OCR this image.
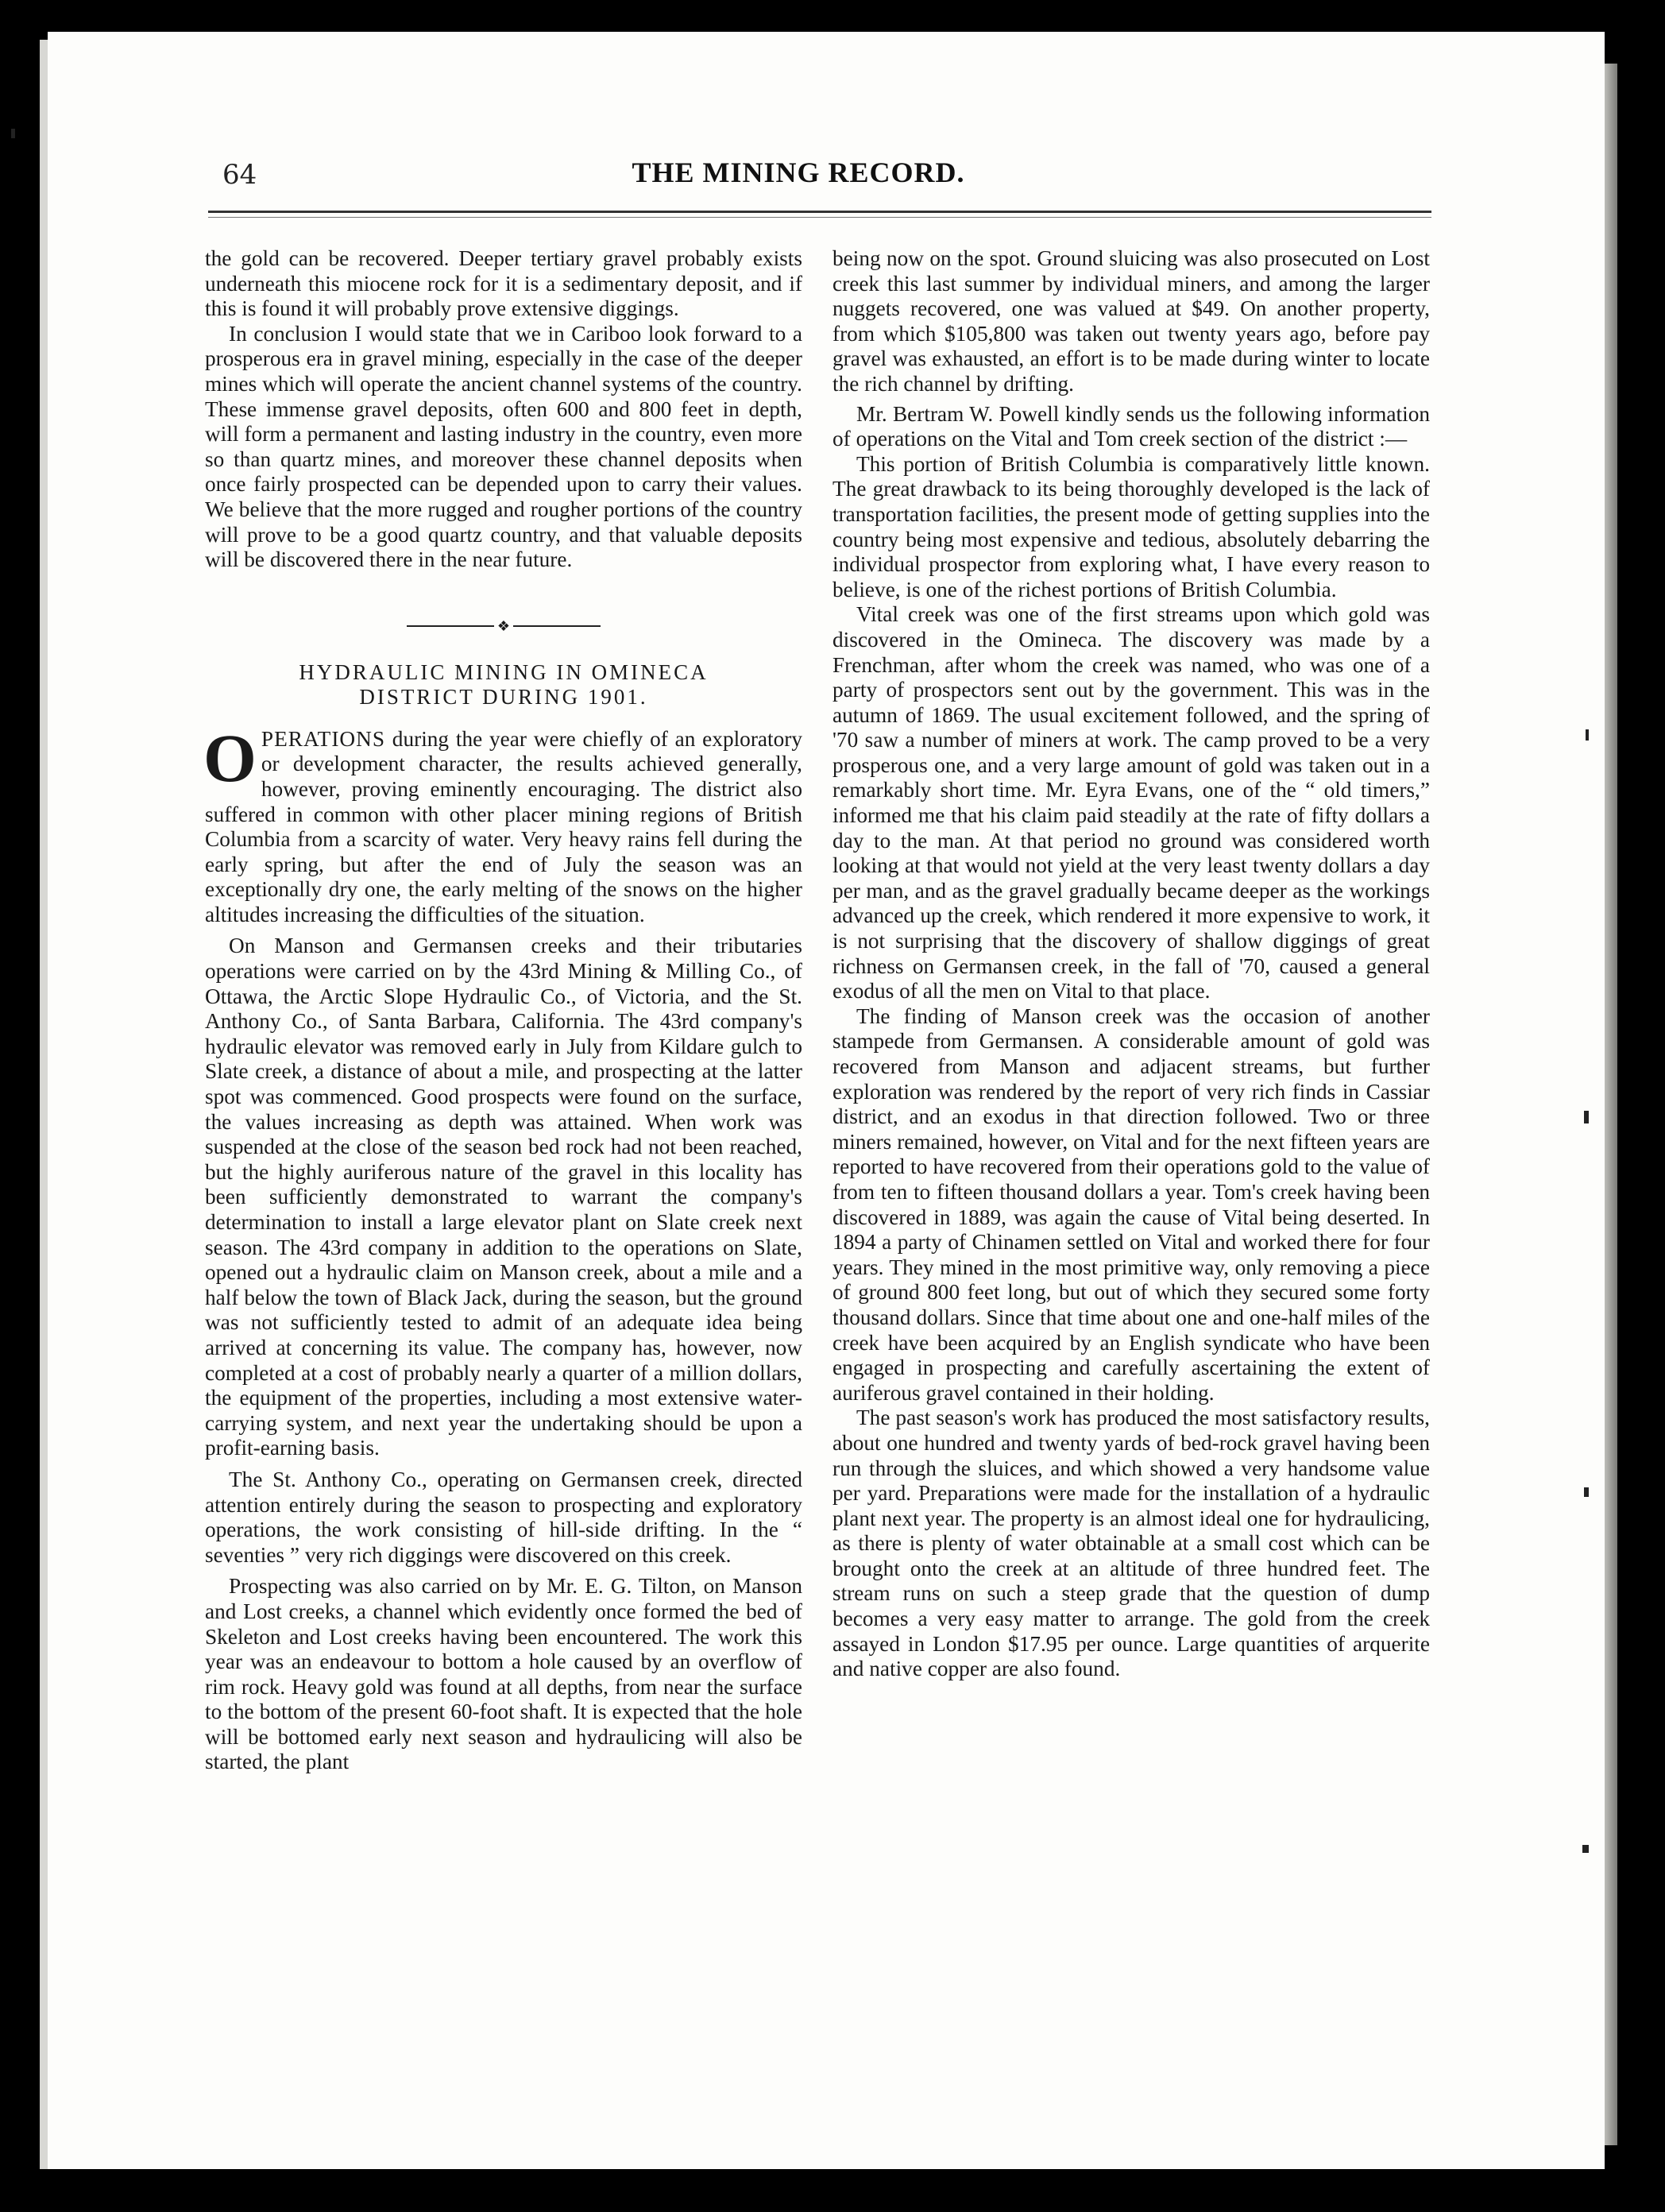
64	THE MINING RECORD.

the gold can be recovered. Deeper tertiary gravel probably exists underneath this miocene rock for it is a sedimentary deposit, and if this is found it will probably prove extensive diggings.

In conclusion I would state that we in Cariboo look forward to a prosperous era in gravel mining, especially in the case of the deeper mines which will operate the ancient channel systems of the country. These immense gravel deposits, often 600 and 800 feet in depth, will form a permanent and lasting industry in the country, even more so than quartz mines, and moreover these channel deposits when once fairly prospected can be depended upon to carry their values. We believe that the more rugged and rougher portions of the country will prove to be a good quartz country, and that valuable deposits will be discovered there in the near future.

❖
HYDRAULIC MINING IN OMINECA
DISTRICT DURING 1901.

OPERATIONS during the year were chiefly of an exploratory or development character, the results achieved generally, however, proving eminently encouraging. The district also suffered in common with other placer mining regions of British Columbia from a scarcity of water. Very heavy rains fell during the early spring, but after the end of July the season was an exceptionally dry one, the early melting of the snows on the higher altitudes increasing the difficulties of the situation.

On Manson and Germansen creeks and their tributaries operations were carried on by the 43rd Mining & Milling Co., of Ottawa, the Arctic Slope Hydraulic Co., of Victoria, and the St. Anthony Co., of Santa Barbara, California. The 43rd company's hydraulic elevator was removed early in July from Kildare gulch to Slate creek, a distance of about a mile, and prospecting at the latter spot was commenced. Good prospects were found on the surface, the values increasing as depth was attained. When work was suspended at the close of the season bed rock had not been reached, but the highly auriferous nature of the gravel in this locality has been sufficiently demonstrated to warrant the company's determination to install a large elevator plant on Slate creek next season. The 43rd company in addition to the operations on Slate, opened out a hydraulic claim on Manson creek, about a mile and a half below the town of Black Jack, during the season, but the ground was not sufficiently tested to admit of an adequate idea being arrived at concerning its value. The company has, however, now completed at a cost of probably nearly a quarter of a million dollars, the equipment of the properties, including a most extensive water-carrying system, and next year the undertaking should be upon a profit-earning basis.

The St. Anthony Co., operating on Germansen creek, directed attention entirely during the season to prospecting and exploratory operations, the work consisting of hill-side drifting. In the “ seventies ” very rich diggings were discovered on this creek.

Prospecting was also carried on by Mr. E. G. Tilton, on Manson and Lost creeks, a channel which evidently once formed the bed of Skeleton and Lost creeks having been encountered. The work this year was an endeavour to bottom a hole caused by an overflow of rim rock. Heavy gold was found at all depths, from near the surface to the bottom of the present 60-foot shaft. It is expected that the hole will be bottomed early next season and hydraulicing will also be started, the plant

being now on the spot. Ground sluicing was also prosecuted on Lost creek this last summer by individual miners, and among the larger nuggets recovered, one was valued at $49. On another property, from which $105,800 was taken out twenty years ago, before pay gravel was exhausted, an effort is to be made during winter to locate the rich channel by drifting.

Mr. Bertram W. Powell kindly sends us the following information of operations on the Vital and Tom creek section of the district :—

This portion of British Columbia is comparatively little known. The great drawback to its being thoroughly developed is the lack of transportation facilities, the present mode of getting supplies into the country being most expensive and tedious, absolutely debarring the individual prospector from exploring what, I have every reason to believe, is one of the richest portions of British Columbia.

Vital creek was one of the first streams upon which gold was discovered in the Omineca. The discovery was made by a Frenchman, after whom the creek was named, who was one of a party of prospectors sent out by the government. This was in the autumn of 1869. The usual excitement followed, and the spring of '70 saw a number of miners at work. The camp proved to be a very prosperous one, and a very large amount of gold was taken out in a remarkably short time. Mr. Eyra Evans, one of the “ old timers,” informed me that his claim paid steadily at the rate of fifty dollars a day to the man. At that period no ground was considered worth looking at that would not yield at the very least twenty dollars a day per man, and as the gravel gradually became deeper as the workings advanced up the creek, which rendered it more expensive to work, it is not surprising that the discovery of shallow diggings of great richness on Germansen creek, in the fall of '70, caused a general exodus of all the men on Vital to that place.

The finding of Manson creek was the occasion of another stampede from Germansen. A considerable amount of gold was recovered from Manson and adjacent streams, but further exploration was rendered by the report of very rich finds in Cassiar district, and an exodus in that direction followed. Two or three miners remained, however, on Vital and for the next fifteen years are reported to have recovered from their operations gold to the value of from ten to fifteen thousand dollars a year. Tom's creek having been discovered in 1889, was again the cause of Vital being deserted. In 1894 a party of Chinamen settled on Vital and worked there for four years. They mined in the most primitive way, only removing a piece of ground 800 feet long, but out of which they secured some forty thousand dollars. Since that time about one and one-half miles of the creek have been acquired by an English syndicate who have been engaged in prospecting and carefully ascertaining the extent of auriferous gravel contained in their holding.

The past season's work has produced the most satisfactory results, about one hundred and twenty yards of bed-rock gravel having been run through the sluices, and which showed a very handsome value per yard. Preparations were made for the installation of a hydraulic plant next year. The property is an almost ideal one for hydraulicing, as there is plenty of water obtainable at a small cost which can be brought onto the creek at an altitude of three hundred feet. The stream runs on such a steep grade that the question of dump becomes a very easy matter to arrange. The gold from the creek assayed in London $17.95 per ounce. Large quantities of arquerite and native copper are also found.
